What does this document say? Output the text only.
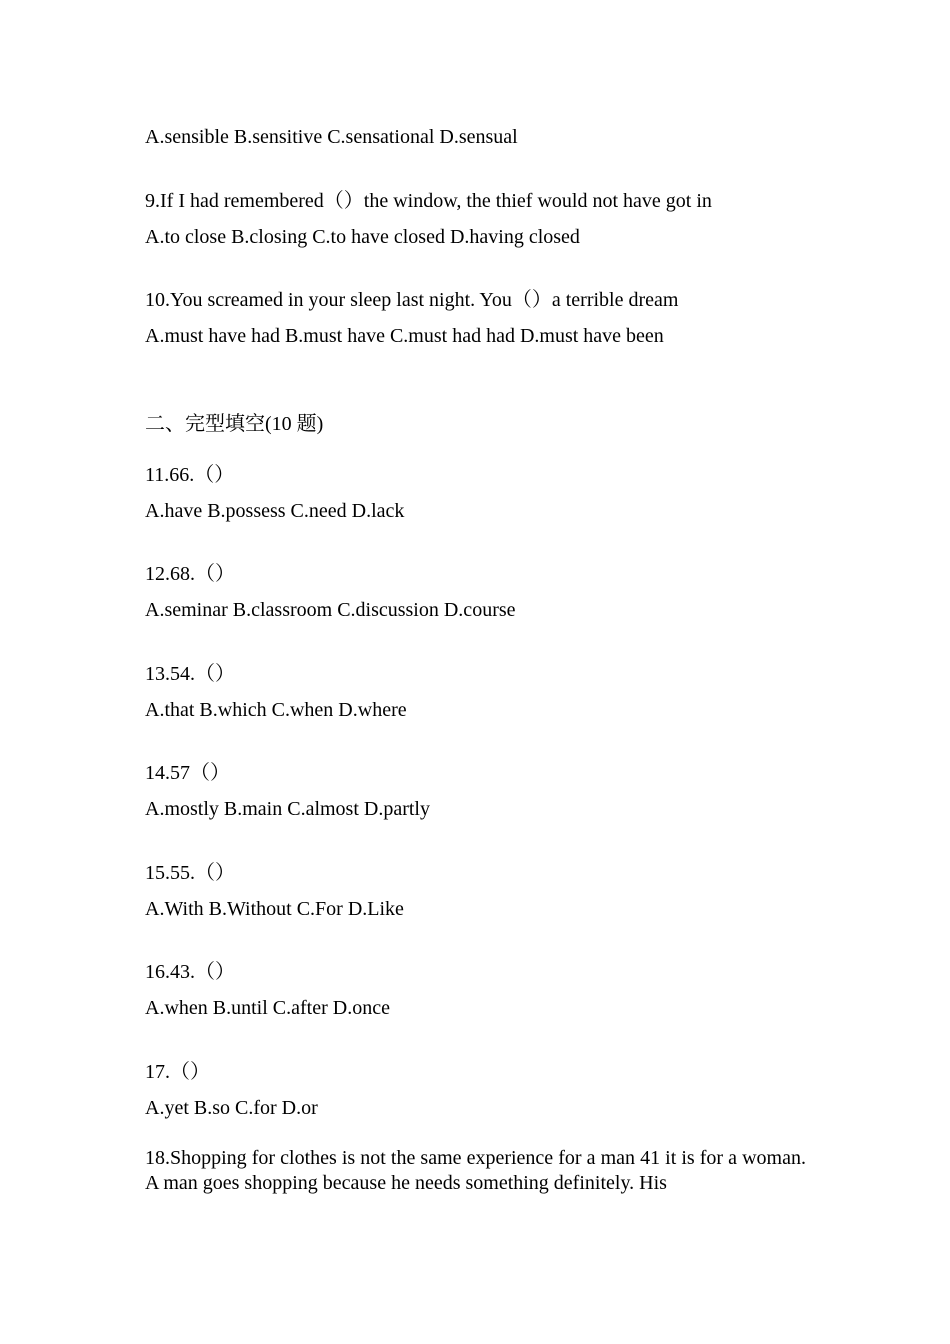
A.sensible B.sensitive C.sensational D.sensual
9.If I had remembered（）the window, the thief would not have got in
A.to close B.closing C.to have closed D.having closed
10.You screamed in your sleep last night. You（）a terrible dream
A.must have had B.must have C.must had had D.must have been
二、完型填空(10 题)
11.66.（）
A.have B.possess C.need D.lack
12.68.（）
A.seminar B.classroom C.discussion D.course
13.54.（）
A.that B.which C.when D.where
14.57（）
A.mostly B.main C.almost D.partly
15.55.（）
A.With B.Without C.For D.Like
16.43.（）
A.when B.until C.after D.once
17.（）
A.yet B.so C.for D.or
18.Shopping for clothes is not the same experience for a man 41 it is for a woman. A man goes shopping because he needs something definitely. His
